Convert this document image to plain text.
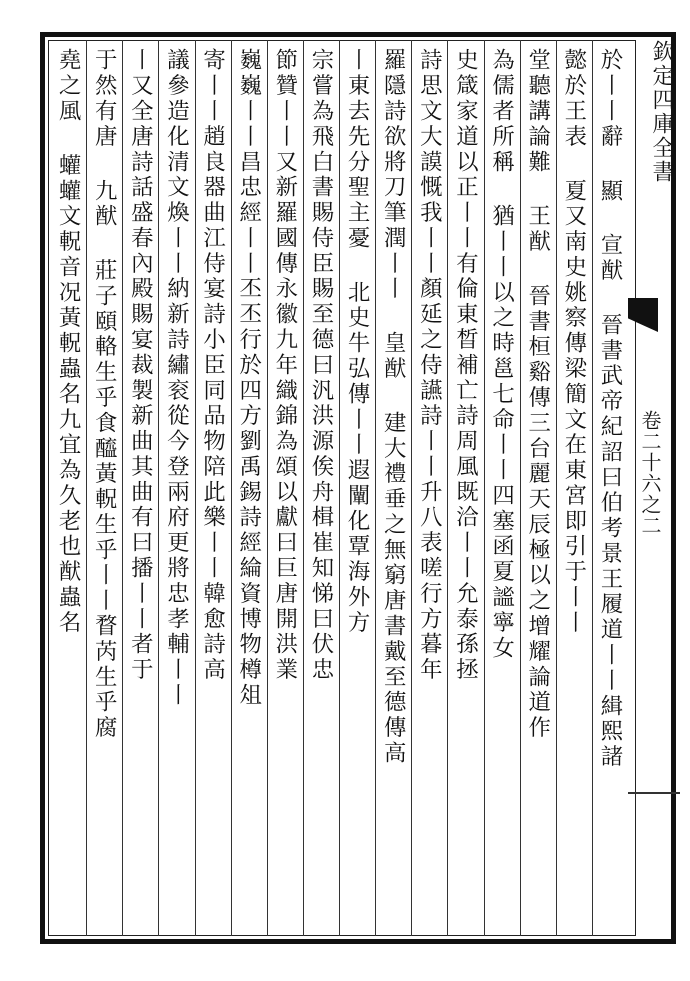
欽定四庫全書
卷二十六之二
於丨丨辭 顯 宣猷 晉書武帝紀詔曰伯考景王履道丨丨緝熙諸
懿於王表 夏又南史姚察傳梁簡文在東宮即引于丨丨
堂聽講論難 王猷 晉書桓谿傳三台麗天辰極以之增耀論道作
為儒者所稱 猶丨丨以之時邕七命丨丨四塞函夏謐寧女
史箴家道以正丨丨有倫東晳補亡詩周風既洽丨丨允泰孫拯
詩思文大謨慨我丨丨顏延之侍讌詩丨丨升八表嗟行方暮年
羅隱詩欲將刀筆潤丨丨 皇猷 建大禮垂之無窮唐書戴至德傳高
丨東去先分聖主憂 北史牛弘傳丨丨遐闡化覃海外方
宗嘗為飛白書賜侍臣賜至德曰汎洪源俟舟楫崔知悌曰伏忠
節贊丨丨又新羅國傳永徽九年織錦為頌以獻曰巨唐開洪業
巍巍丨丨昌忠經丨丨丕丕行於四方劉禹錫詩經綸資博物樽俎
寄丨丨趙良器曲江侍宴詩小臣同品物陪此樂丨丨韓愈詩高
議參造化清文煥丨丨納新詩繡衮從今登兩府更將忠孝輔丨丨
丨又全唐詩話盛春內殿賜宴裁製新曲其曲有曰播丨丨者于
于然有唐 九猷 莊子頤輅生乎食醯黃軦生乎丨丨瞀芮生乎腐
堯之風 蠸蠸文軦音况黃軦蟲名九宜為久老也猷蟲名
